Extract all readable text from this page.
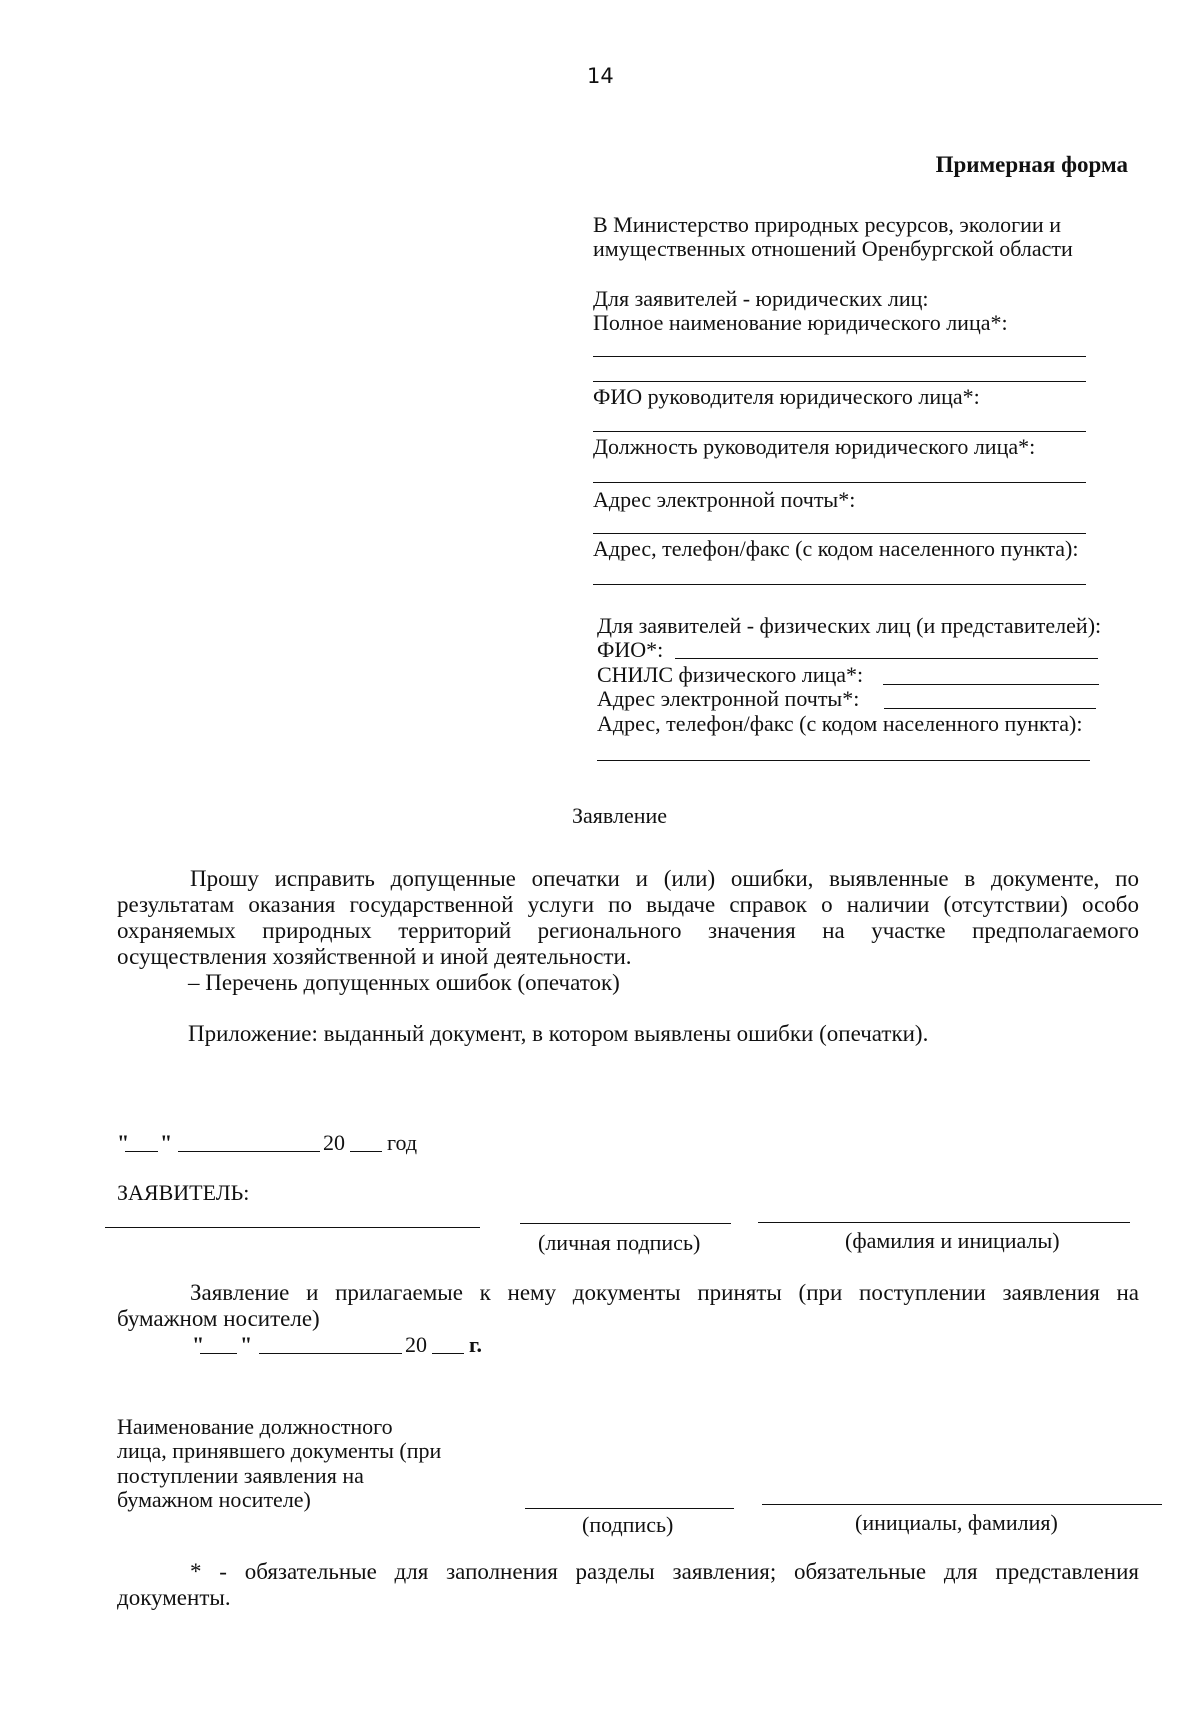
14
Примерная форма
В Министерство природных ресурсов, экологии и
имущественных отношений Оренбургской области
Для заявителей - юридических лиц:
Полное наименование юридического лица*:
ФИО руководителя юридического лица*:
Должность руководителя юридического лица*:
Адрес электронной почты*:
Адрес, телефон/факс (с кодом населенного пункта):
Для заявителей - физических лиц (и представителей):
ФИО*:
СНИЛС физического лица*:
Адрес электронной почты*:
Адрес, телефон/факс (с кодом населенного пункта):
Заявление
Прошу исправить допущенные опечатки и (или) ошибки, выявленные в документе, по
результатам оказания государственной услуги по выдаче справок о наличии (отсутствии) особо
охраняемых природных территорий регионального значения на участке предполагаемого
осуществления хозяйственной и иной деятельности.
– Перечень допущенных ошибок (опечаток)
Приложение: выданный документ, в котором выявлены ошибки (опечатки).
" "	20 год
ЗАЯВИТЕЛЬ:
(личная подпись)	(фамилия и инициалы)
Заявление и прилагаемые к нему документы приняты (при поступлении заявления на
бумажном носителе)
" "	20 г.
Наименование должностного
лица, принявшего документы (при
поступлении заявления на
бумажном носителе)
(подпись)	(инициалы, фамилия)
* - обязательные для заполнения разделы заявления; обязательные для представления
документы.
